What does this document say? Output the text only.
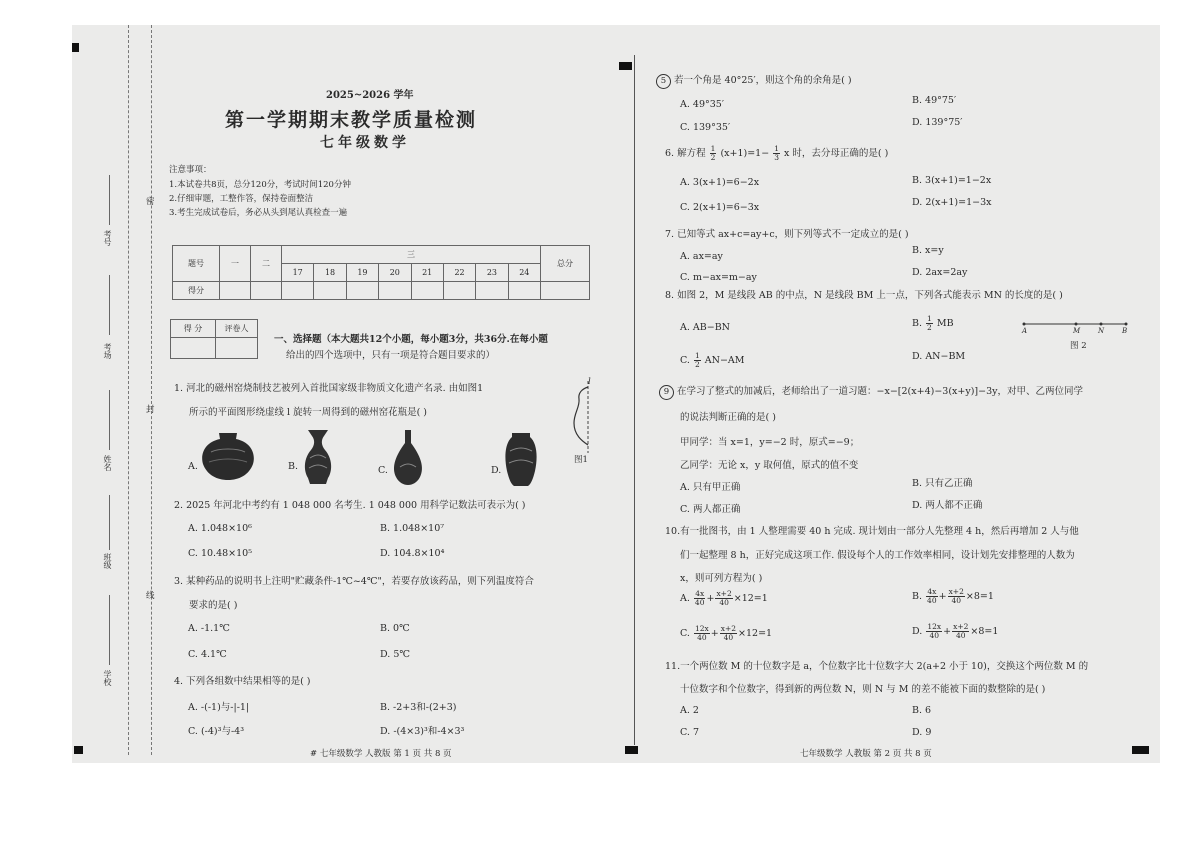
考号
考场
姓名
班级
学校
密
封
线
2025~2026 学年
第一学期期末教学质量检测
七年级数学
注意事项：
1.本试卷共8页，总分120分，考试时间120分钟
2.仔细审题，工整作答，保持卷面整洁
3.考生完成试卷后，务必从头到尾认真检查一遍
题号	一	二	三								总分
			17	18	19	20	21	22	23	24	
得分											
得 分	评卷人

一、选择题（本大题共12个小题，每小题3分，共36分.在每小题
给出的四个选项中，只有一项是符合题目要求的）
1. 河北的磁州窑烧制技艺被列入首批国家级非物质文化遗产名录. 由如图1
所示的平面图形绕虚线 l 旋转一周得到的磁州窑花瓶是( )
A.	B.	C.	D.
l
图1
2. 2025 年河北中考约有 1 048 000 名考生. 1 048 000 用科学记数法可表示为( )
A. 1.048×10⁶	B. 1.048×10⁷
C. 10.48×10⁵	D. 104.8×10⁴
3. 某种药品的说明书上注明"贮藏条件-1℃~4℃"，若要存放该药品，则下列温度符合
要求的是( )
A. -1.1℃	B. 0℃
C. 4.1℃	D. 5℃
4. 下列各组数中结果相等的是( )
A. -(-1)与-|-1|	B. -2+3和-(2+3)
C. (-4)³与-4³	D. -(4×3)³和-4×3³
# 七年级数学 人教版 第 1 页 共 8 页
5 若一个角是 40°25′，则这个角的余角是( )
A. 49°35′	B. 49°75′
C. 139°35′	D. 139°75′
6. 解方程 $\frac{1}{2} (x+1)=1- \frac{1}{3}$ x 时，去分母正确的是( )
A. 3(x+1)=6−2x	B. 3(x+1)=1−2x
C. 2(x+1)=6−3x	D. 2(x+1)=1−3x
7. 已知等式 ax+c=ay+c，则下列等式不一定成立的是( )
A. ax=ay
B. x=y
C. m−ax=m−ay	D. 2ax=2ay
8. 如图 2，M 是线段 AB 的中点，N 是线段 BM 上一点，下列各式能表示 MN 的长度的是( )
A. AB−BN	B. $\frac{1}{2}$ MB
C. $\frac{1}{2} AN-AM$	D. AN−BM
A	M	N	B
图 2
9 在学习了整式的加减后，老师给出了一道习题：−x−[2(x+4)−3(x+y)]−3y，对甲、乙两位同学
的说法判断正确的是( )
甲同学：当 x=1，y=−2 时，原式=−9；
乙同学：无论 x，y 取何值，原式的值不变
A. 只有甲正确	B. 只有乙正确
C. 两人都正确	D. 两人都不正确
10.有一批图书，由 1 人整理需要 40 h 完成. 现计划由一部分人先整理 4 h，然后再增加 2 人与他
们一起整理 8 h，正好完成这项工作. 假设每个人的工作效率相同，设计划先安排整理的人数为
x，则可列方程为( )
A. $\frac{4x}{40} + \frac{x+2}{40} \times 12=1$	B. $\frac{4x}{40} + \frac{x+2}{40} \times 8=1$
C. $\frac{12x}{40} + \frac{x+2}{40} \times 12=1$	D. $\frac{12x}{40} + \frac{x+2}{40} \times 8=1$
11.一个两位数 M 的十位数字是 a，个位数字比十位数字大 2(a+2 小于 10)，交换这个两位数 M 的
十位数字和个位数字，得到新的两位数 N，则 N 与 M 的差不能被下面的数整除的是( )
A. 2	B. 6
C. 7	D. 9
七年级数学 人教版 第 2 页 共 8 页
